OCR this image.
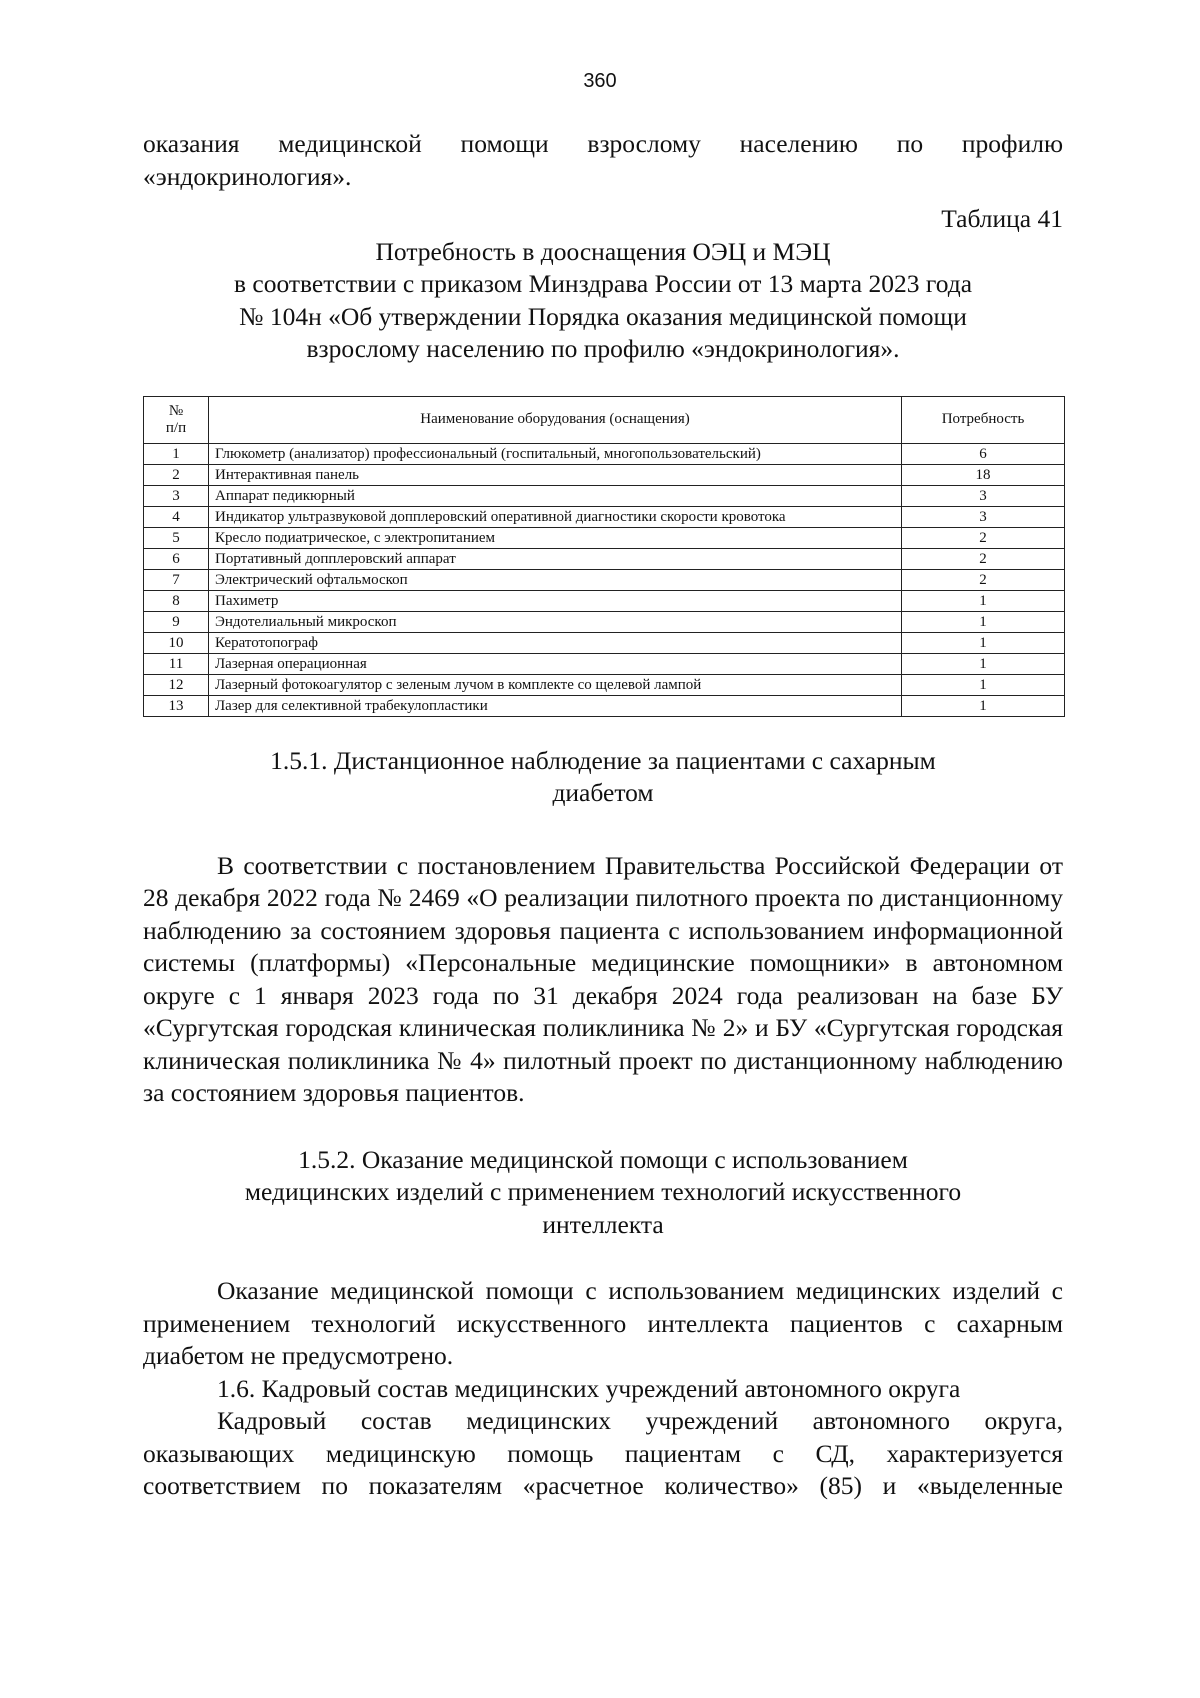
360

оказания медицинской помощи взрослому населению по профилю «эндокринология».

Таблица 41

Потребность в дооснащения ОЭЦ и МЭЦ
в соответствии с приказом Минздрава России от 13 марта 2023 года
№ 104н «Об утверждении Порядка оказания медицинской помощи
взрослому населению по профилю «эндокринология».
№
п/п	Наименование оборудования (оснащения)	Потребность
1	Глюкометр (анализатор) профессиональный (госпитальный, многопользовательский)	6
2	Интерактивная панель	18
3	Аппарат педикюрный	3
4	Индикатор ультразвуковой допплеровский оперативной диагностики скорости кровотока	3
5	Кресло подиатрическое, с электропитанием	2
6	Портативный допплеровский аппарат	2
7	Электрический офтальмоскоп	2
8	Пахиметр	1
9	Эндотелиальный микроскоп	1
10	Кератотопограф	1
11	Лазерная операционная	1
12	Лазерный фотокоагулятор с зеленым лучом в комплекте со щелевой лампой	1
13	Лазер для селективной трабекулопластики	1
1.5.1. Дистанционное наблюдение за пациентами с сахарным
диабетом

В соответствии с постановлением Правительства Российской Федерации от 28 декабря 2022 года № 2469 «О реализации пилотного проекта по дистанционному наблюдению за состоянием здоровья пациента с использованием информационной системы (платформы) «Персональные медицинские помощники» в автономном округе с 1 января 2023 года по 31 декабря 2024 года реализован на базе БУ «Сургутская городская клиническая поликлиника № 2» и БУ «Сургутская городская клиническая поликлиника № 4» пилотный проект по дистанционному наблюдению за состоянием здоровья пациентов.

1.5.2. Оказание медицинской помощи с использованием
медицинских изделий с применением технологий искусственного
интеллекта

Оказание медицинской помощи с использованием медицинских изделий с применением технологий искусственного интеллекта пациентов с сахарным диабетом не предусмотрено.

1.6. Кадровый состав медицинских учреждений автономного округа

Кадровый состав медицинских учреждений автономного округа, оказывающих медицинскую помощь пациентам с СД, характеризуется соответствием по показателям «расчетное количество» (85) и «выделенные
